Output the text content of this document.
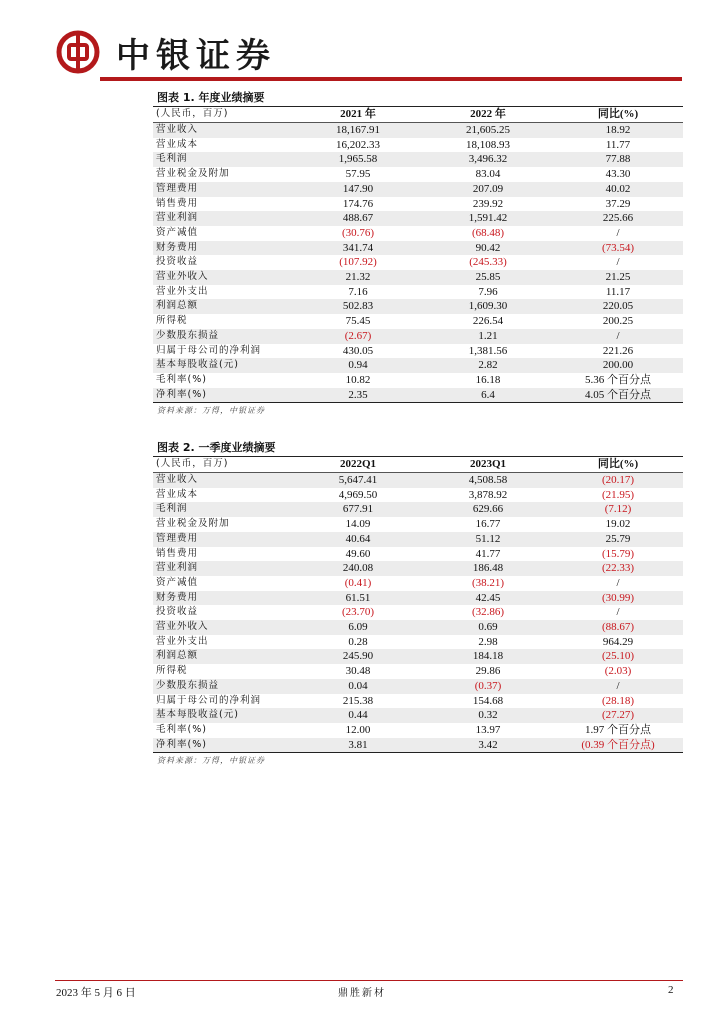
中银证券
图表 1. 年度业绩摘要
(人民币，百万)	2021 年	2022 年	同比(%)
营业收入	18,167.91	21,605.25	18.92
营业成本	16,202.33	18,108.93	11.77
毛利润	1,965.58	3,496.32	77.88
营业税金及附加	57.95	83.04	43.30
管理费用	147.90	207.09	40.02
销售费用	174.76	239.92	37.29
营业利润	488.67	1,591.42	225.66
资产减值	(30.76)	(68.48)	/
财务费用	341.74	90.42	(73.54)
投资收益	(107.92)	(245.33)	/
营业外收入	21.32	25.85	21.25
营业外支出	7.16	7.96	11.17
利润总额	502.83	1,609.30	220.05
所得税	75.45	226.54	200.25
少数股东损益	(2.67)	1.21	/
归属于母公司的净利润	430.05	1,381.56	221.26
基本每股收益(元)	0.94	2.82	200.00
毛利率(%)	10.82	16.18	5.36 个百分点
净利率(%)	2.35	6.4	4.05 个百分点
资料来源：万得，中银证券
图表 2. 一季度业绩摘要
(人民币，百万)	2022Q1	2023Q1	同比(%)
营业收入	5,647.41	4,508.58	(20.17)
营业成本	4,969.50	3,878.92	(21.95)
毛利润	677.91	629.66	(7.12)
营业税金及附加	14.09	16.77	19.02
管理费用	40.64	51.12	25.79
销售费用	49.60	41.77	(15.79)
营业利润	240.08	186.48	(22.33)
资产减值	(0.41)	(38.21)	/
财务费用	61.51	42.45	(30.99)
投资收益	(23.70)	(32.86)	/
营业外收入	6.09	0.69	(88.67)
营业外支出	0.28	2.98	964.29
利润总额	245.90	184.18	(25.10)
所得税	30.48	29.86	(2.03)
少数股东损益	0.04	(0.37)	/
归属于母公司的净利润	215.38	154.68	(28.18)
基本每股收益(元)	0.44	0.32	(27.27)
毛利率(%)	12.00	13.97	1.97 个百分点
净利率(%)	3.81	3.42	(0.39 个百分点)
资料来源：万得，中银证券
2023 年 5 月 6 日	鼎胜新材	2
